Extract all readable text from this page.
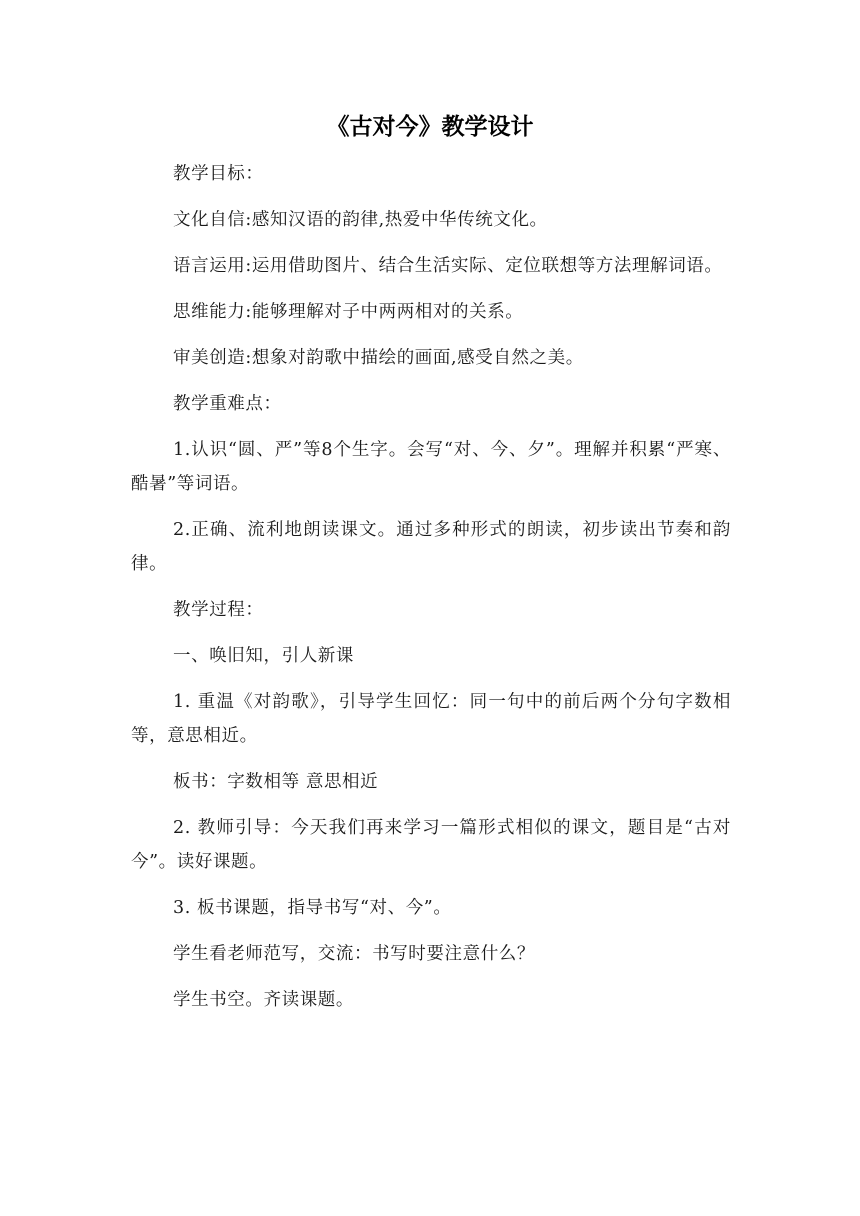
《古对今》教学设计

教学目标：

文化自信:感知汉语的韵律,热爱中华传统文化。

语言运用:运用借助图片、结合生活实际、定位联想等方法理解词语。

思维能力:能够理解对子中两两相对的关系。

审美创造:想象对韵歌中描绘的画面,感受自然之美。

教学重难点：

1.认识“圆、严”等8个生字。会写“对、今、夕”。理解并积累“严寒、酷暑”等词语。

2.正确、流利地朗读课文。通过多种形式的朗读，初步读出节奏和韵律。

教学过程：

一、唤旧知，引人新课

1. 重温《对韵歌》，引导学生回忆：同一句中的前后两个分句字数相等，意思相近。

板书：字数相等 意思相近

2. 教师引导：今天我们再来学习一篇形式相似的课文，题目是“古对今”。读好课题。

3. 板书课题，指导书写“对、今”。

学生看老师范写，交流：书写时要注意什么？

学生书空。齐读课题。
